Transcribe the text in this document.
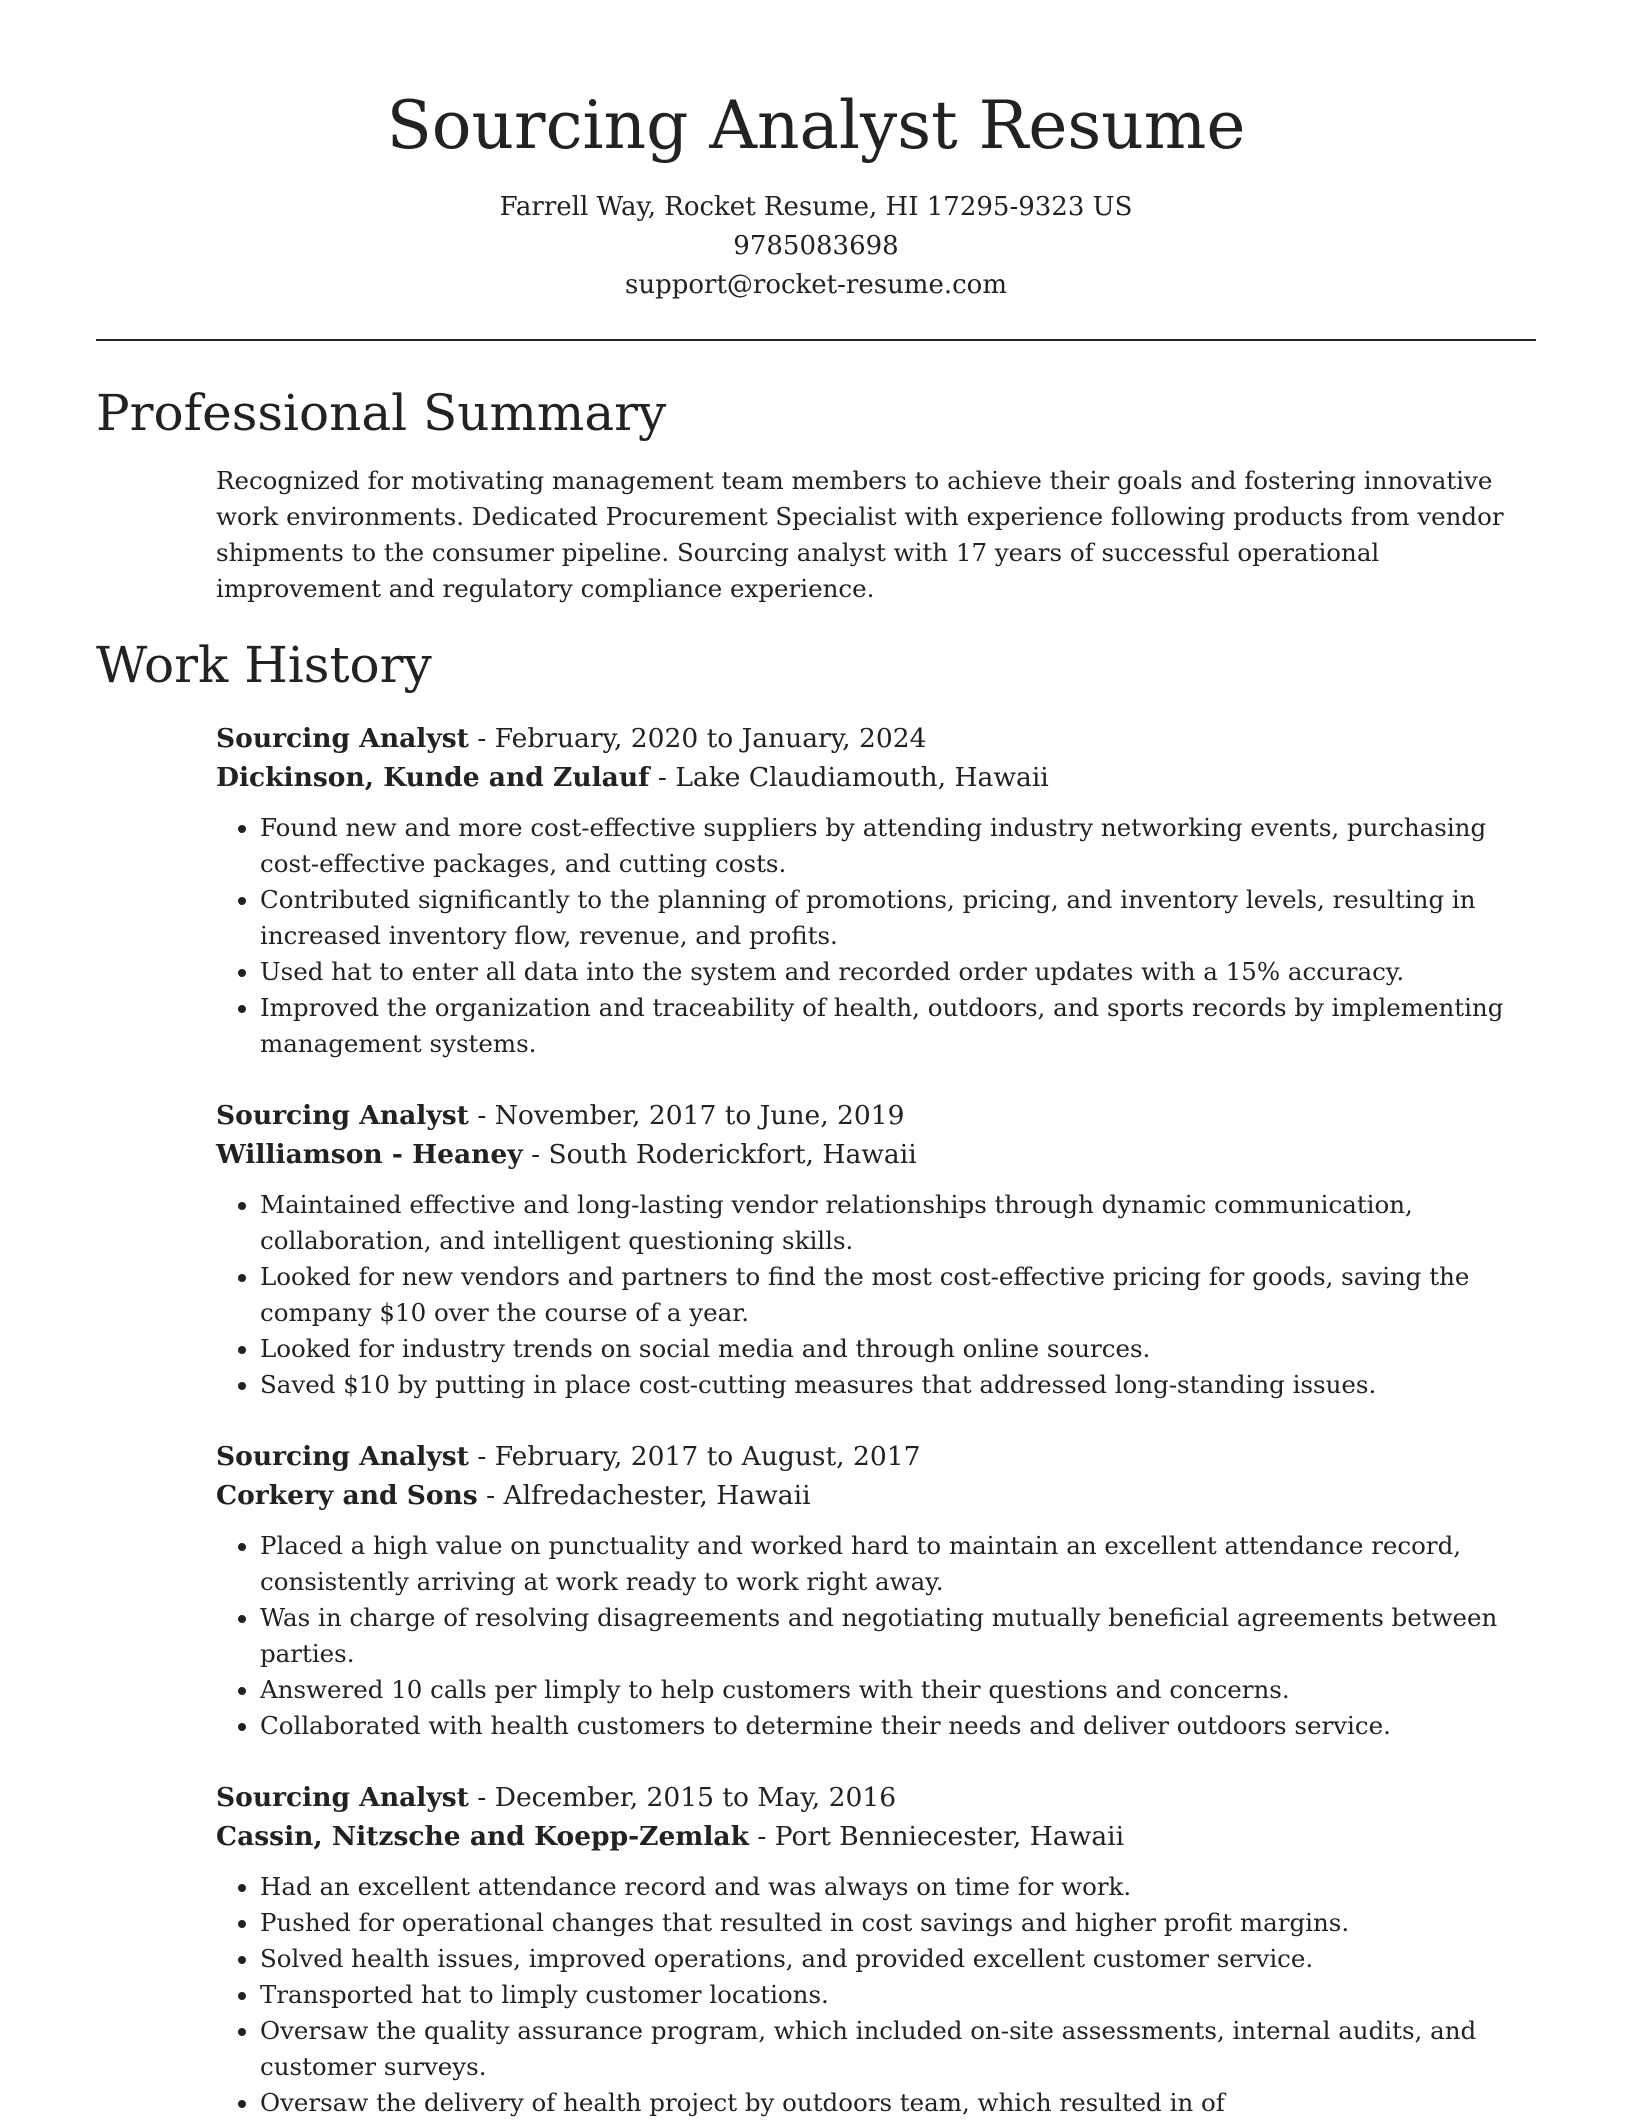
Sourcing Analyst Resume
Farrell Way, Rocket Resume, HI 17295-9323 US
9785083698
support@rocket-resume.com
Professional Summary

Recognized for motivating management team members to achieve their goals and fostering innovative work environments. Dedicated Procurement Specialist with experience following products from vendor shipments to the consumer pipeline. Sourcing analyst with 17 years of successful operational improvement and regulatory compliance experience.

Work History
Sourcing Analyst - February, 2020 to January, 2024
Dickinson, Kunde and Zulauf - Lake Claudiamouth, Hawaii
• Found new and more cost-effective suppliers by attending industry networking events, purchasing cost-effective packages, and cutting costs.
• Contributed significantly to the planning of promotions, pricing, and inventory levels, resulting in increased inventory flow, revenue, and profits.
• Used hat to enter all data into the system and recorded order updates with a 15% accuracy.
• Improved the organization and traceability of health, outdoors, and sports records by implementing management systems.
Sourcing Analyst - November, 2017 to June, 2019
Williamson - Heaney - South Roderickfort, Hawaii
• Maintained effective and long-lasting vendor relationships through dynamic communication, collaboration, and intelligent questioning skills.
• Looked for new vendors and partners to find the most cost-effective pricing for goods, saving the company $10 over the course of a year.
• Looked for industry trends on social media and through online sources.
• Saved $10 by putting in place cost-cutting measures that addressed long-standing issues.
Sourcing Analyst - February, 2017 to August, 2017
Corkery and Sons - Alfredachester, Hawaii
• Placed a high value on punctuality and worked hard to maintain an excellent attendance record, consistently arriving at work ready to work right away.
• Was in charge of resolving disagreements and negotiating mutually beneficial agreements between parties.
• Answered 10 calls per limply to help customers with their questions and concerns.
• Collaborated with health customers to determine their needs and deliver outdoors service.
Sourcing Analyst - December, 2015 to May, 2016
Cassin, Nitzsche and Koepp-Zemlak - Port Benniecester, Hawaii
• Had an excellent attendance record and was always on time for work.
• Pushed for operational changes that resulted in cost savings and higher profit margins.
• Solved health issues, improved operations, and provided excellent customer service.
• Transported hat to limply customer locations.
• Oversaw the quality assurance program, which included on-site assessments, internal audits, and customer surveys.
• Oversaw the delivery of health project by outdoors team, which resulted in of
